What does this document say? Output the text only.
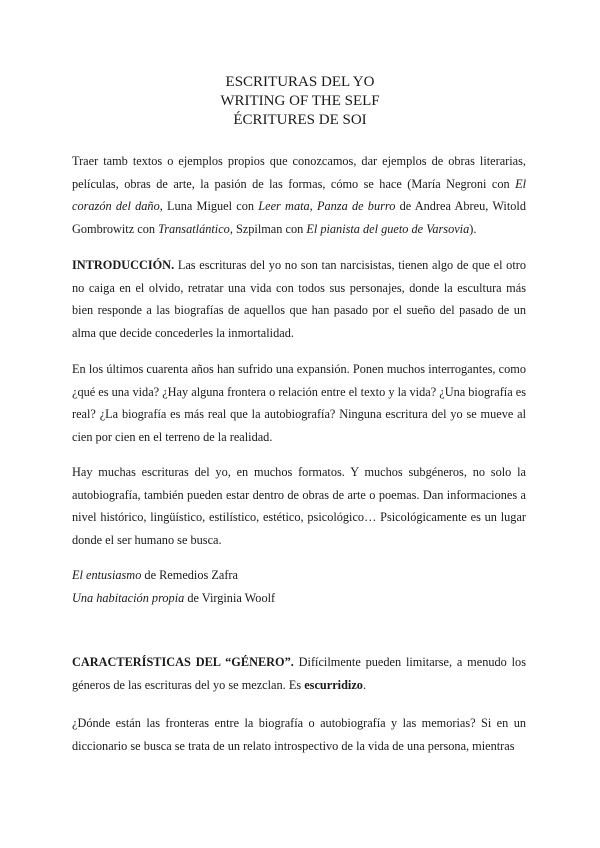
ESCRITURAS DEL YO
WRITING OF THE SELF
ÉCRITURES DE SOI
Traer tamb textos o ejemplos propios que conozcamos, dar ejemplos de obras literarias, películas, obras de arte, la pasión de las formas, cómo se hace (María Negroni con El corazón del daño, Luna Miguel con Leer mata, Panza de burro de Andrea Abreu, Witold Gombrowitz con Transatlántico, Szpilman con El pianista del gueto de Varsovia).
INTRODUCCIÓN. Las escrituras del yo no son tan narcisistas, tienen algo de que el otro no caiga en el olvido, retratar una vida con todos sus personajes, donde la escultura más bien responde a las biografías de aquellos que han pasado por el sueño del pasado de un alma que decide concederles la inmortalidad.
En los últimos cuarenta años han sufrido una expansión. Ponen muchos interrogantes, como ¿qué es una vida? ¿Hay alguna frontera o relación entre el texto y la vida? ¿Una biografía es real? ¿La biografía es más real que la autobiografía? Ninguna escritura del yo se mueve al cien por cien en el terreno de la realidad.
Hay muchas escrituras del yo, en muchos formatos. Y muchos subgéneros, no solo la autobiografía, también pueden estar dentro de obras de arte o poemas. Dan informaciones a nivel histórico, lingüístico, estilístico, estético, psicológico… Psicológicamente es un lugar donde el ser humano se busca.
El entusiasmo de Remedios Zafra
Una habitación propia de Virginia Woolf
CARACTERÍSTICAS DEL “GÉNERO”. Difícilmente pueden limitarse, a menudo los géneros de las escrituras del yo se mezclan. Es escurridizo.
¿Dónde están las fronteras entre la biografía o autobiografía y las memorias? Si en un diccionario se busca se trata de un relato introspectivo de la vida de una persona, mientras
